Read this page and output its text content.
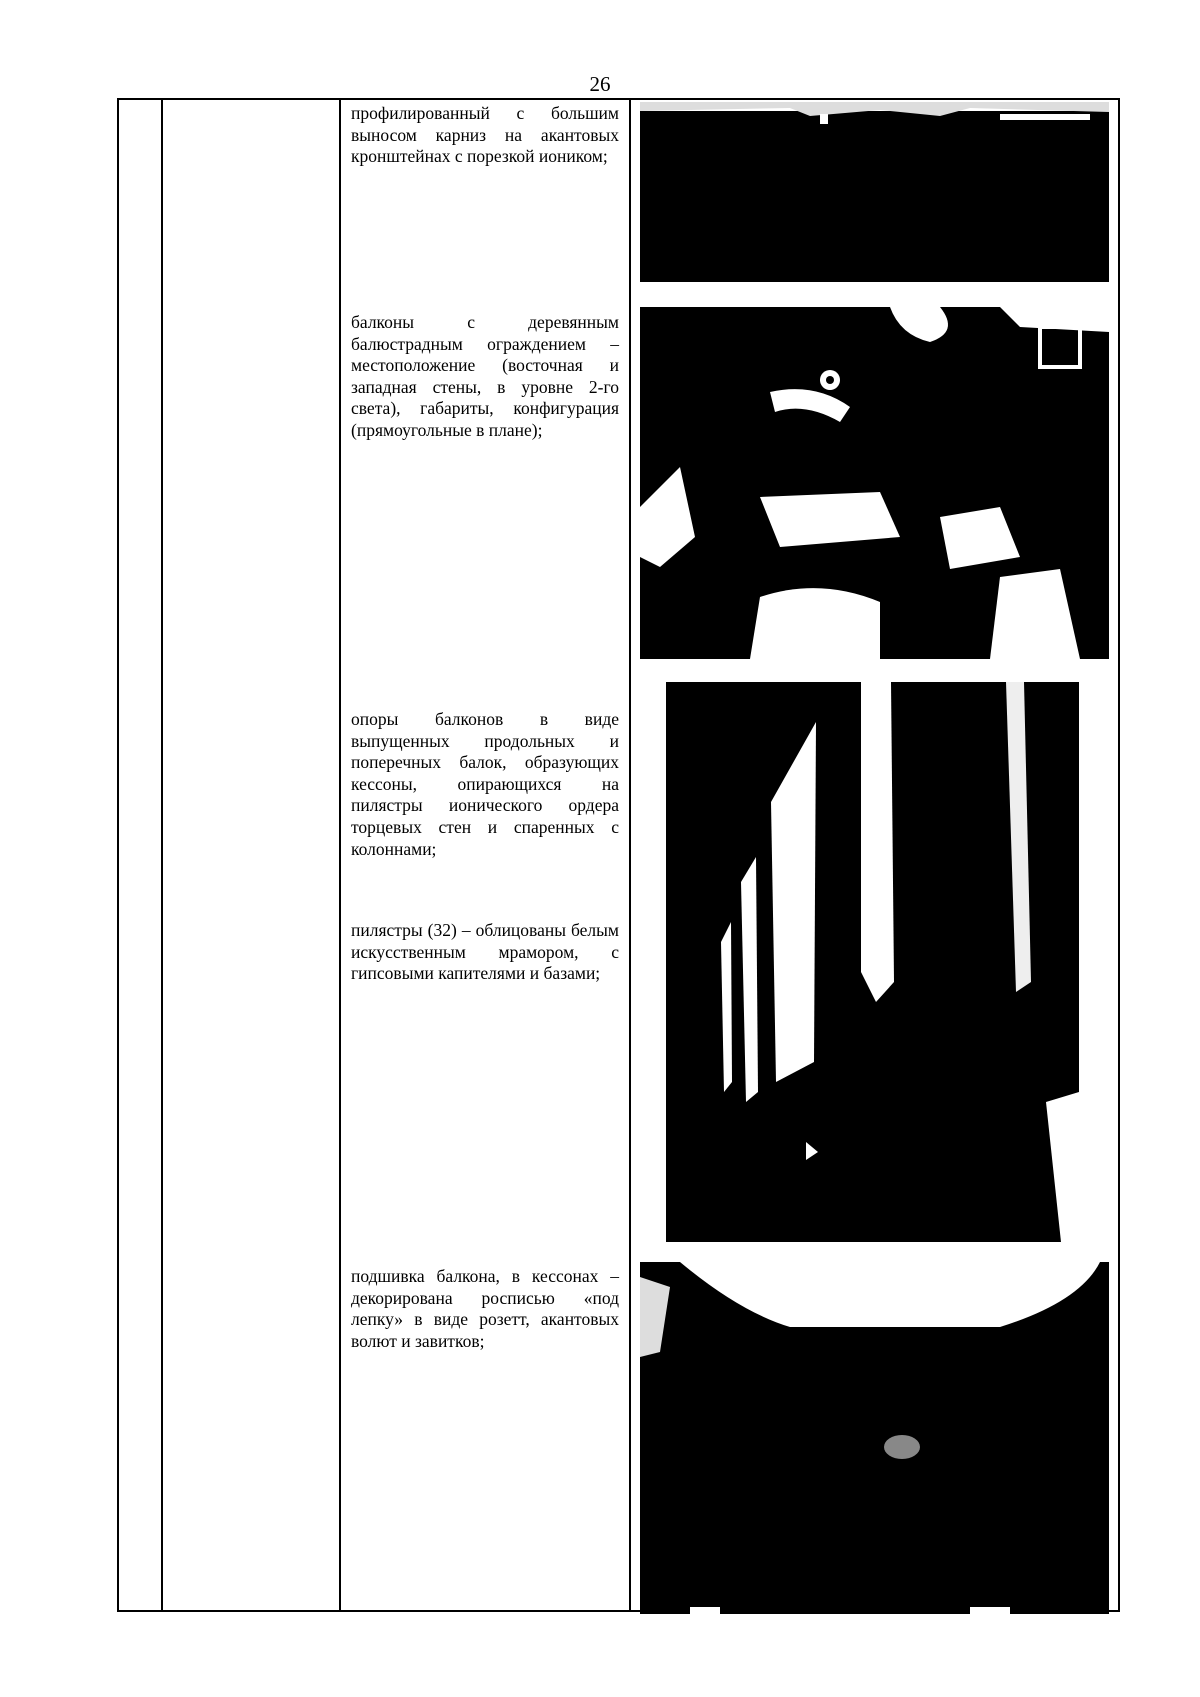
26
профилированный с большим выносом карниз на акантовых кронштейнах с порезкой иоником;
балконы с деревянным балюстрадным ограждением – местоположение (восточная и западная стены, в уровне 2-го света), габариты, конфигурация (прямоугольные в плане);
опоры балконов в виде выпущенных продольных и поперечных балок, образующих кессоны, опирающихся на пилястры ионического ордера торцевых стен и спаренных с колоннами;
пилястры (32) – облицованы белым искусственным мрамором, с гипсовыми капителями и базами;
подшивка балкона, в кессонах – декорирована росписью «под лепку» в виде розетт, акантовых волют и завитков;
